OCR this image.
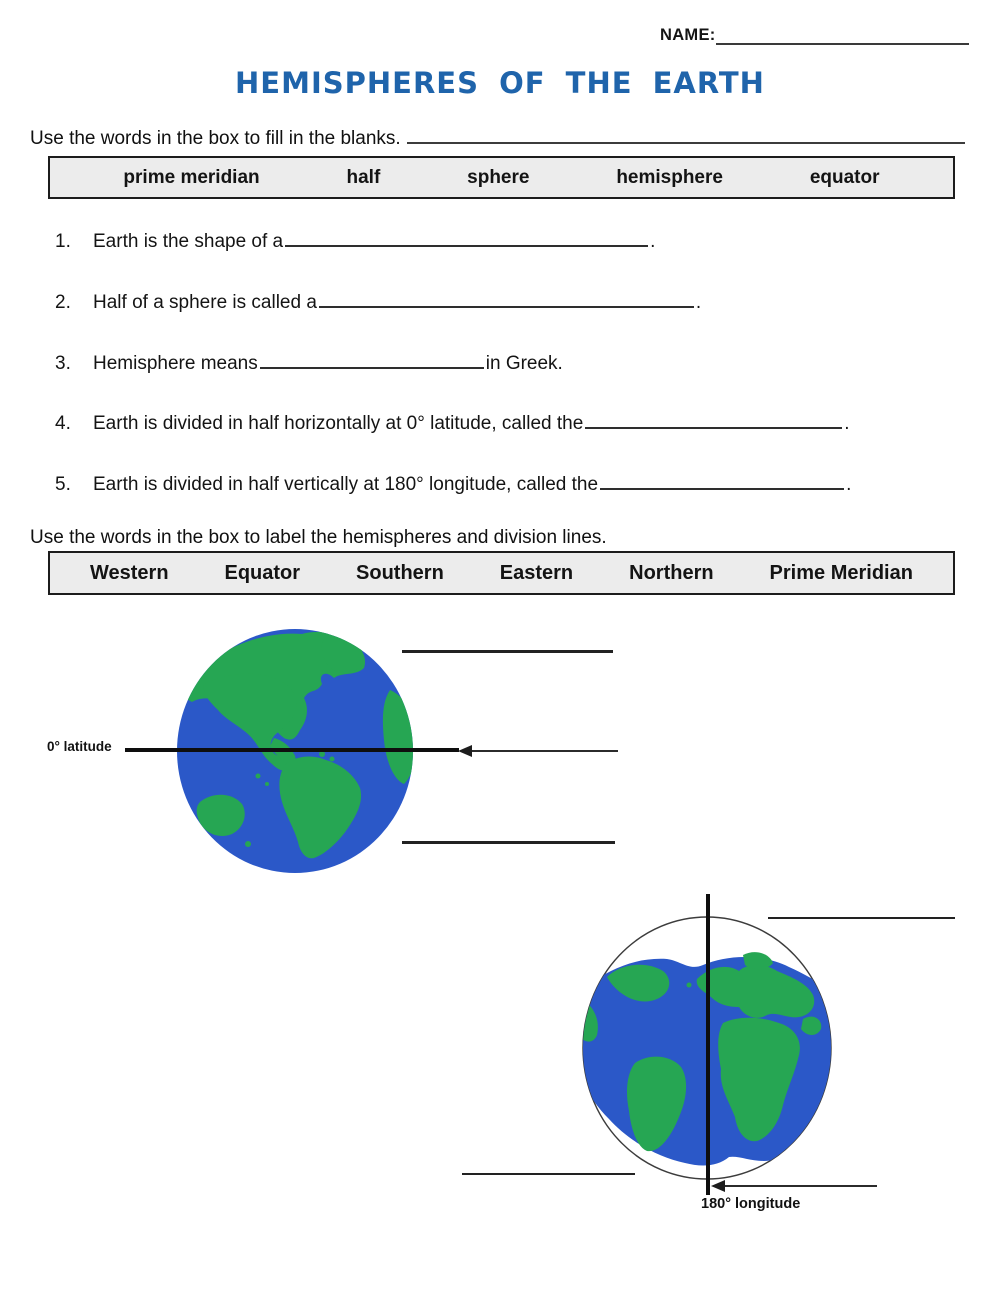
NAME:
HEMISPHERES OF THE EARTH
Use the words in the box to fill in the blanks.
prime meridian	half	sphere	hemisphere	equator
1.	Earth is the shape of a	.
2.	Half of a sphere is called a	.
3.	Hemisphere means	in Greek.
4.	Earth is divided in half horizontally at 0° latitude, called the	.
5.	Earth is divided in half vertically at 180° longitude, called the	.
Use the words in the box to label the hemispheres and division lines.
Western	Equator	Southern	Eastern	Northern	Prime Meridian
0° latitude
180° longitude
